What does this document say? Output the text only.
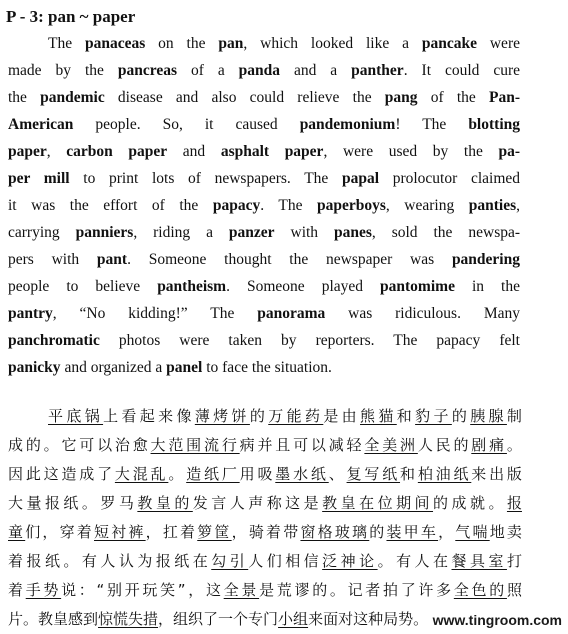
P - 3: pan ~ paper
The panaceas on the pan, which looked like a pancake were
made by the pancreas of a panda and a panther. It could cure
the pandemic disease and also could relieve the pang of the Pan-
American people. So, it caused pandemonium! The blotting
paper, carbon paper and asphalt paper, were used by the pa-
per mill to print lots of newspapers. The papal prolocutor claimed
it was the effort of the papacy. The paperboys, wearing panties,
carrying panniers, riding a panzer with panes, sold the newspa-
pers with pant. Someone thought the newspaper was pandering
people to believe pantheism. Someone played pantomime in the
pantry, “No kidding!” The panorama was ridiculous. Many
panchromatic photos were taken by reporters. The papacy felt
panicky and organized a panel to face the situation.
平底锅上看起来像薄烤饼的万能药是由熊猫和豹子的胰腺制
成的。它可以治愈大范围流行病并且可以减轻全美洲人民的剧痛。
因此这造成了大混乱。造纸厂用吸墨水纸、复写纸和柏油纸来出版
大量报纸。罗马教皇的发言人声称这是教皇在位期间的成就。报
童们，穿着短衬裤，扛着箩筐，骑着带窗格玻璃的装甲车，气喘地卖
着报纸。有人认为报纸在勾引人们相信泛神论。有人在餐具室打
着手势说：“别开玩笑”，这全景是荒谬的。记者拍了许多全色的照
片。教皇感到惊慌失措，组织了一个专门小组来面对这种局势。 www.tingroom.com
